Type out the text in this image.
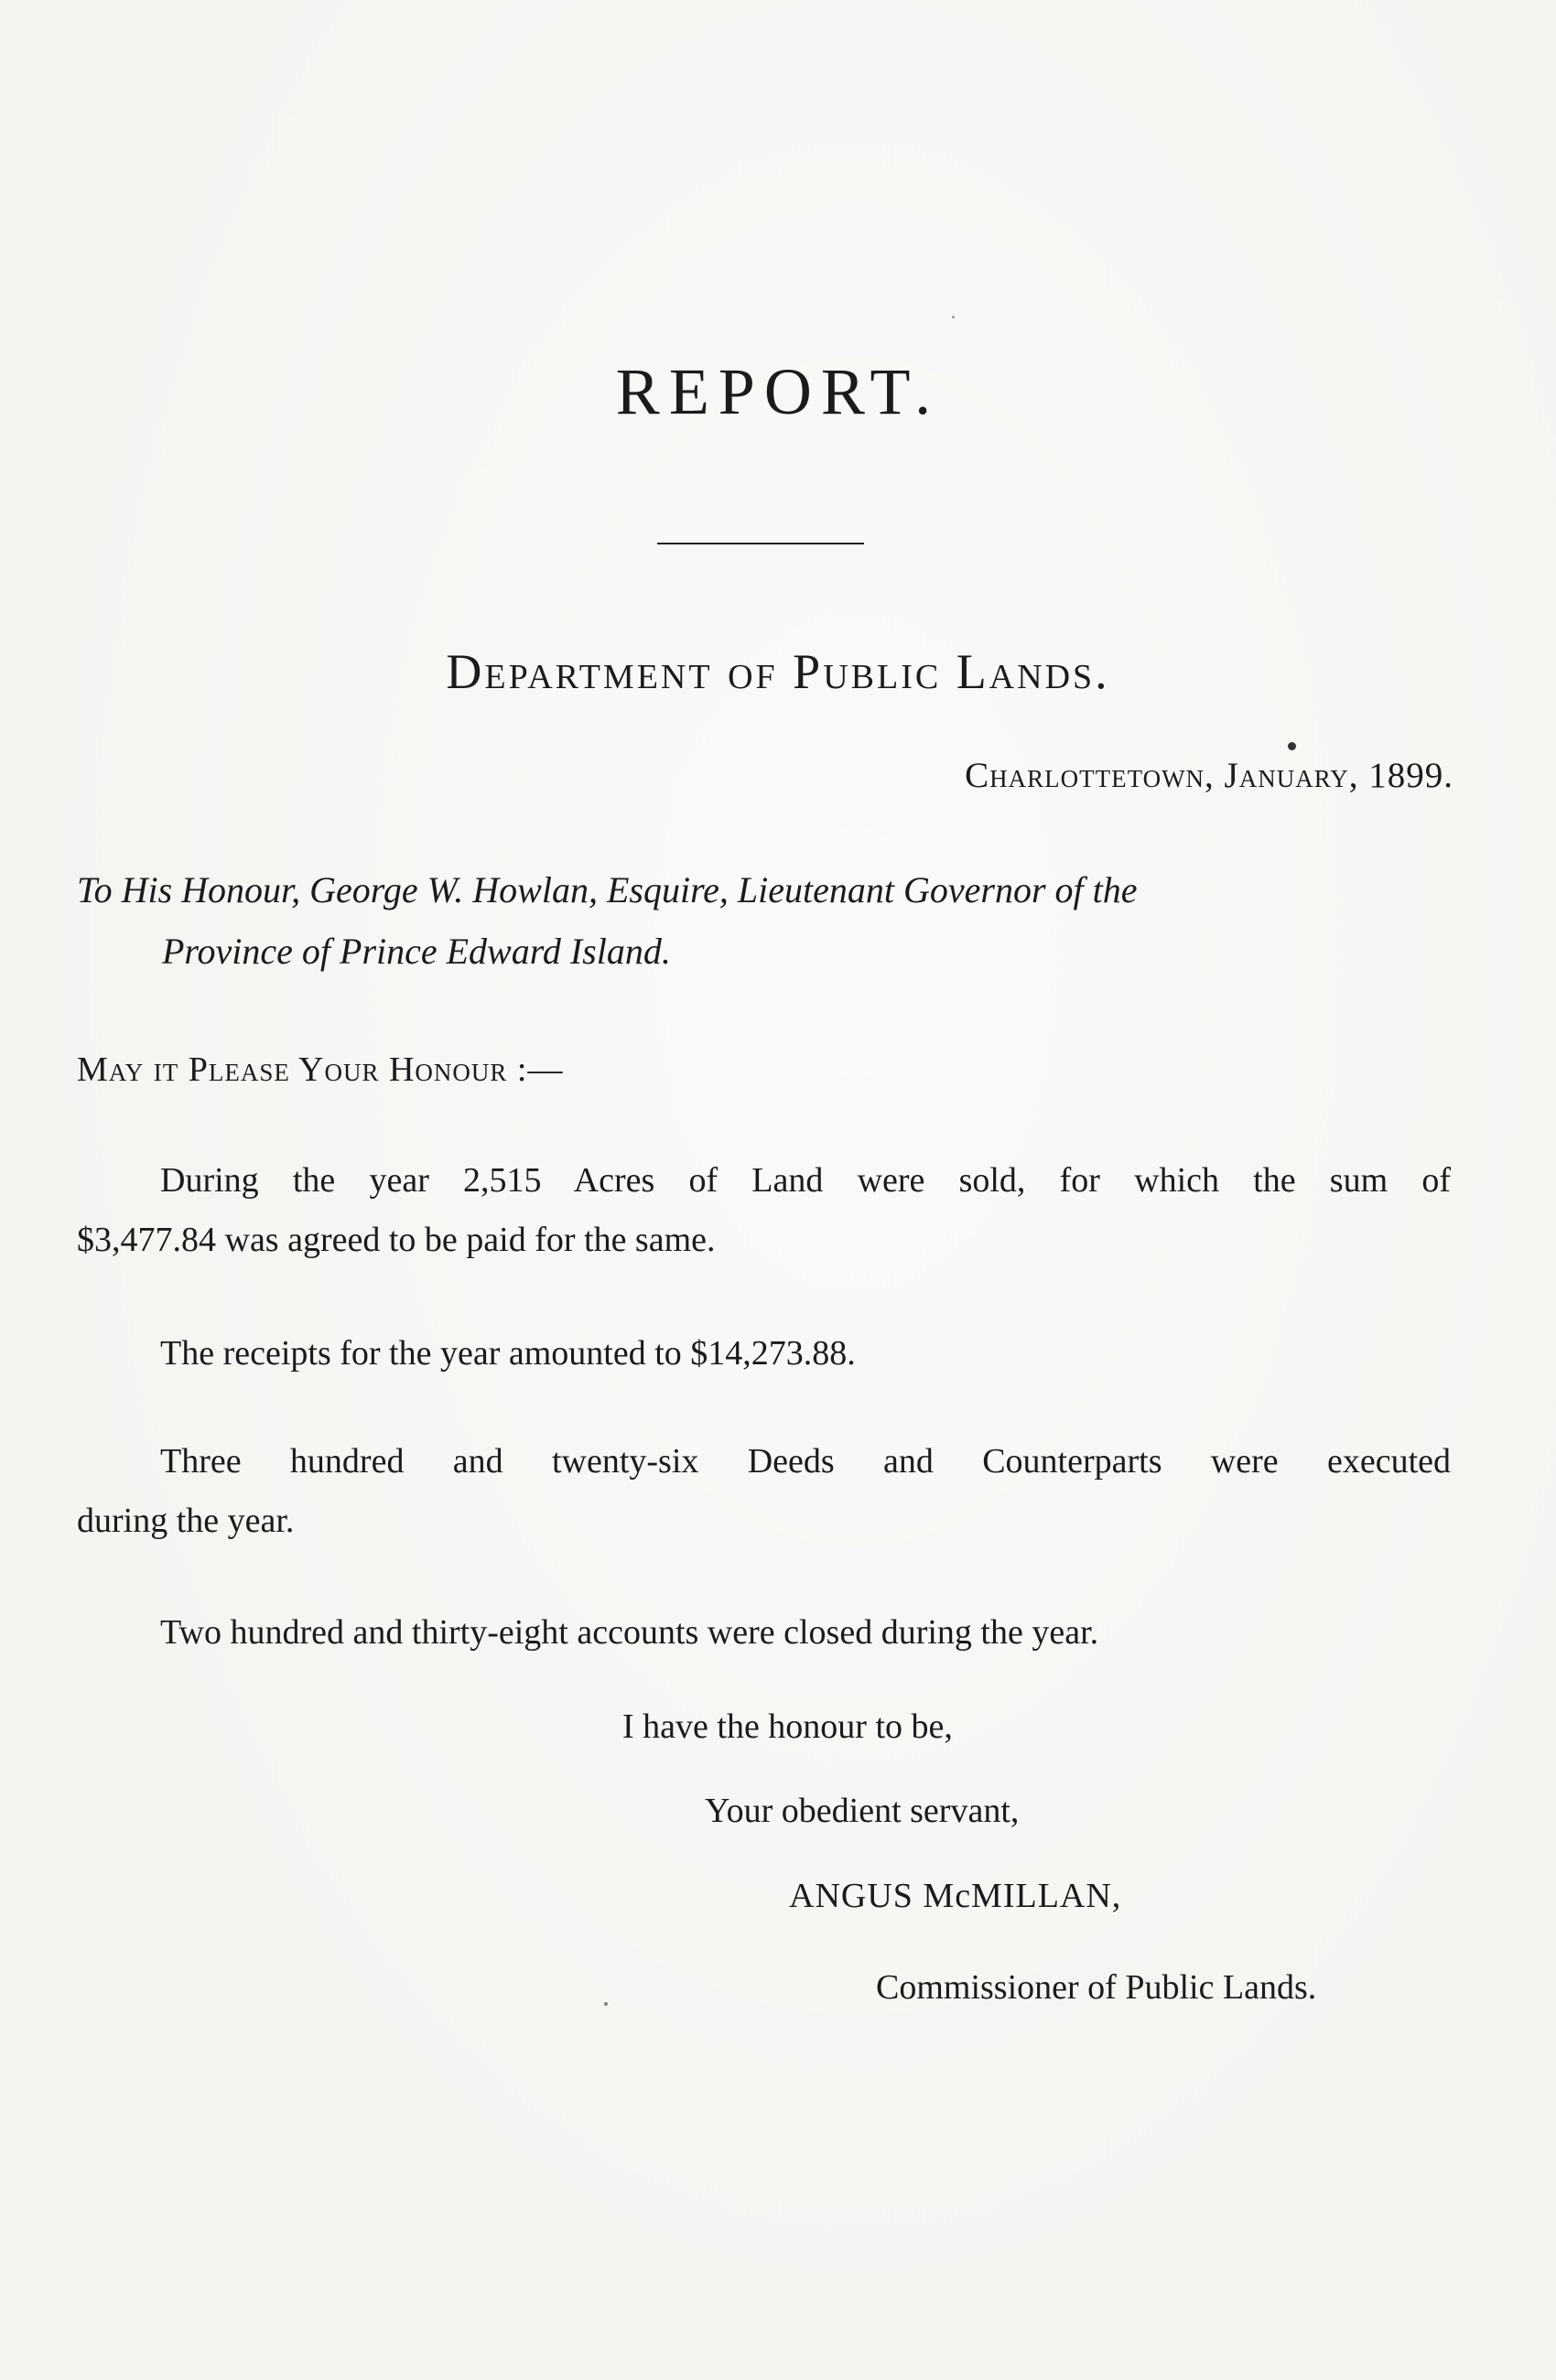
REPORT.
Department of Public Lands.
Charlottetown, January, 1899.
To His Honour, George W. Howlan, Esquire, Lieutenant Governor of the
Province of Prince Edward Island.
May it Please Your Honour :—
During the year 2,515 Acres of Land were sold, for which the sum of
$3,477.84 was agreed to be paid for the same.
The receipts for the year amounted to $14,273.88.
Three hundred and twenty-six Deeds and Counterparts were executed
during the year.
Two hundred and thirty-eight accounts were closed during the year.
I have the honour to be,
Your obedient servant,
ANGUS McMILLAN,
Commissioner of Public Lands.
